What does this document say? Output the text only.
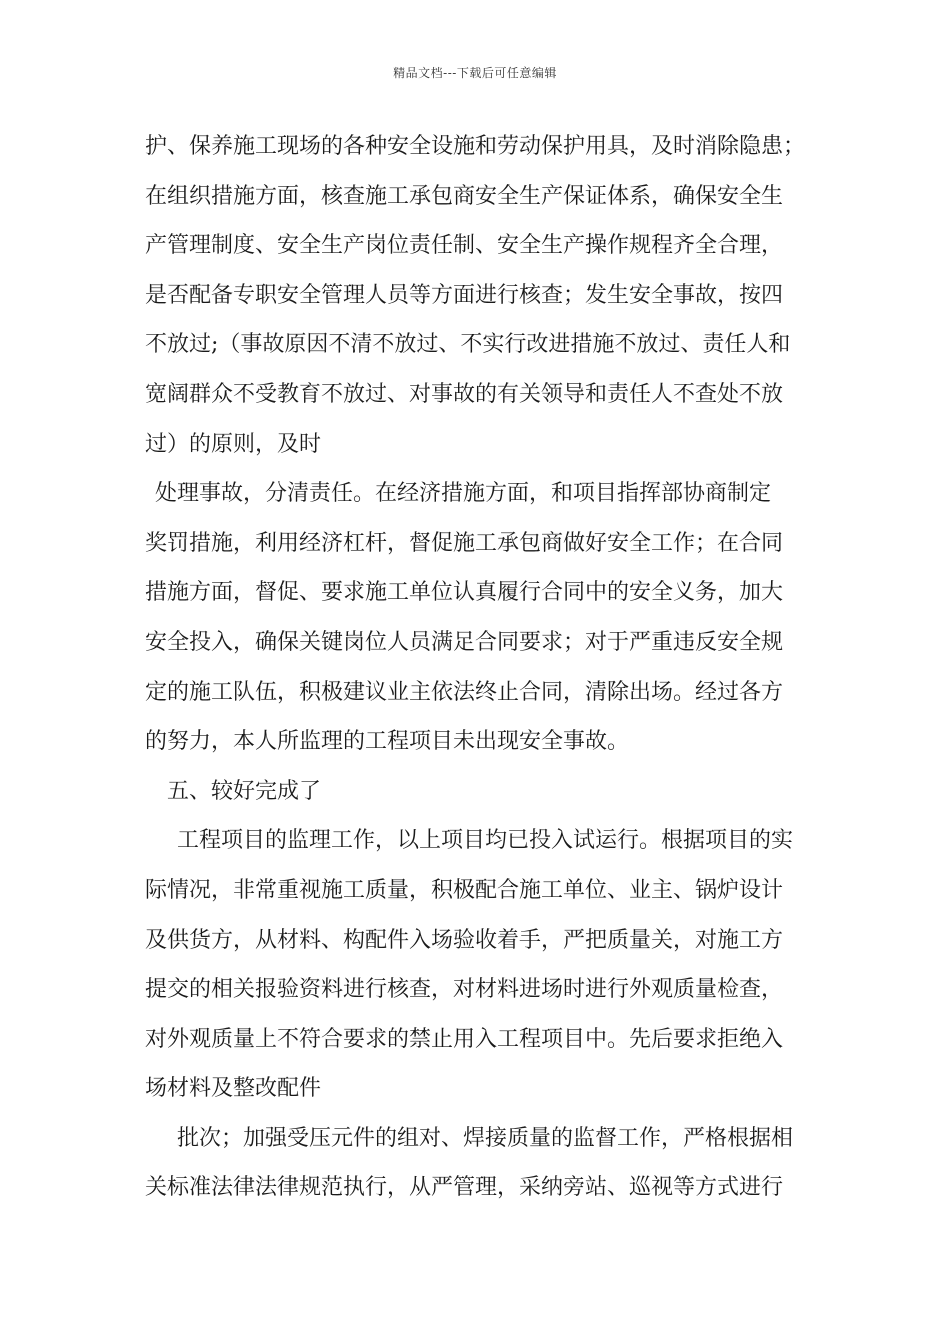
精品文档---下载后可任意编辑
护、保养施工现场的各种安全设施和劳动保护用具，及时消除隐患；
在组织措施方面，核查施工承包商安全生产保证体系，确保安全生
产管理制度、安全生产岗位责任制、安全生产操作规程齐全合理，
是否配备专职安全管理人员等方面进行核查；发生安全事故，按四
不放过;（事故原因不清不放过、不实行改进措施不放过、责任人和
宽阔群众不受教育不放过、对事故的有关领导和责任人不查处不放
过）的原则，及时
处理事故，分清责任。在经济措施方面，和项目指挥部协商制定
奖罚措施，利用经济杠杆，督促施工承包商做好安全工作；在合同
措施方面，督促、要求施工单位认真履行合同中的安全义务，加大
安全投入，确保关键岗位人员满足合同要求；对于严重违反安全规
定的施工队伍，积极建议业主依法终止合同，清除出场。经过各方
的努力，本人所监理的工程项目未出现安全事故。
五、较好完成了
工程项目的监理工作，以上项目均已投入试运行。根据项目的实
际情况，非常重视施工质量，积极配合施工单位、业主、锅炉设计
及供货方，从材料、构配件入场验收着手，严把质量关，对施工方
提交的相关报验资料进行核查，对材料进场时进行外观质量检查，
对外观质量上不符合要求的禁止用入工程项目中。先后要求拒绝入
场材料及整改配件
批次；加强受压元件的组对、焊接质量的监督工作，严格根据相
关标准法律法律规范执行，从严管理，采纳旁站、巡视等方式进行
